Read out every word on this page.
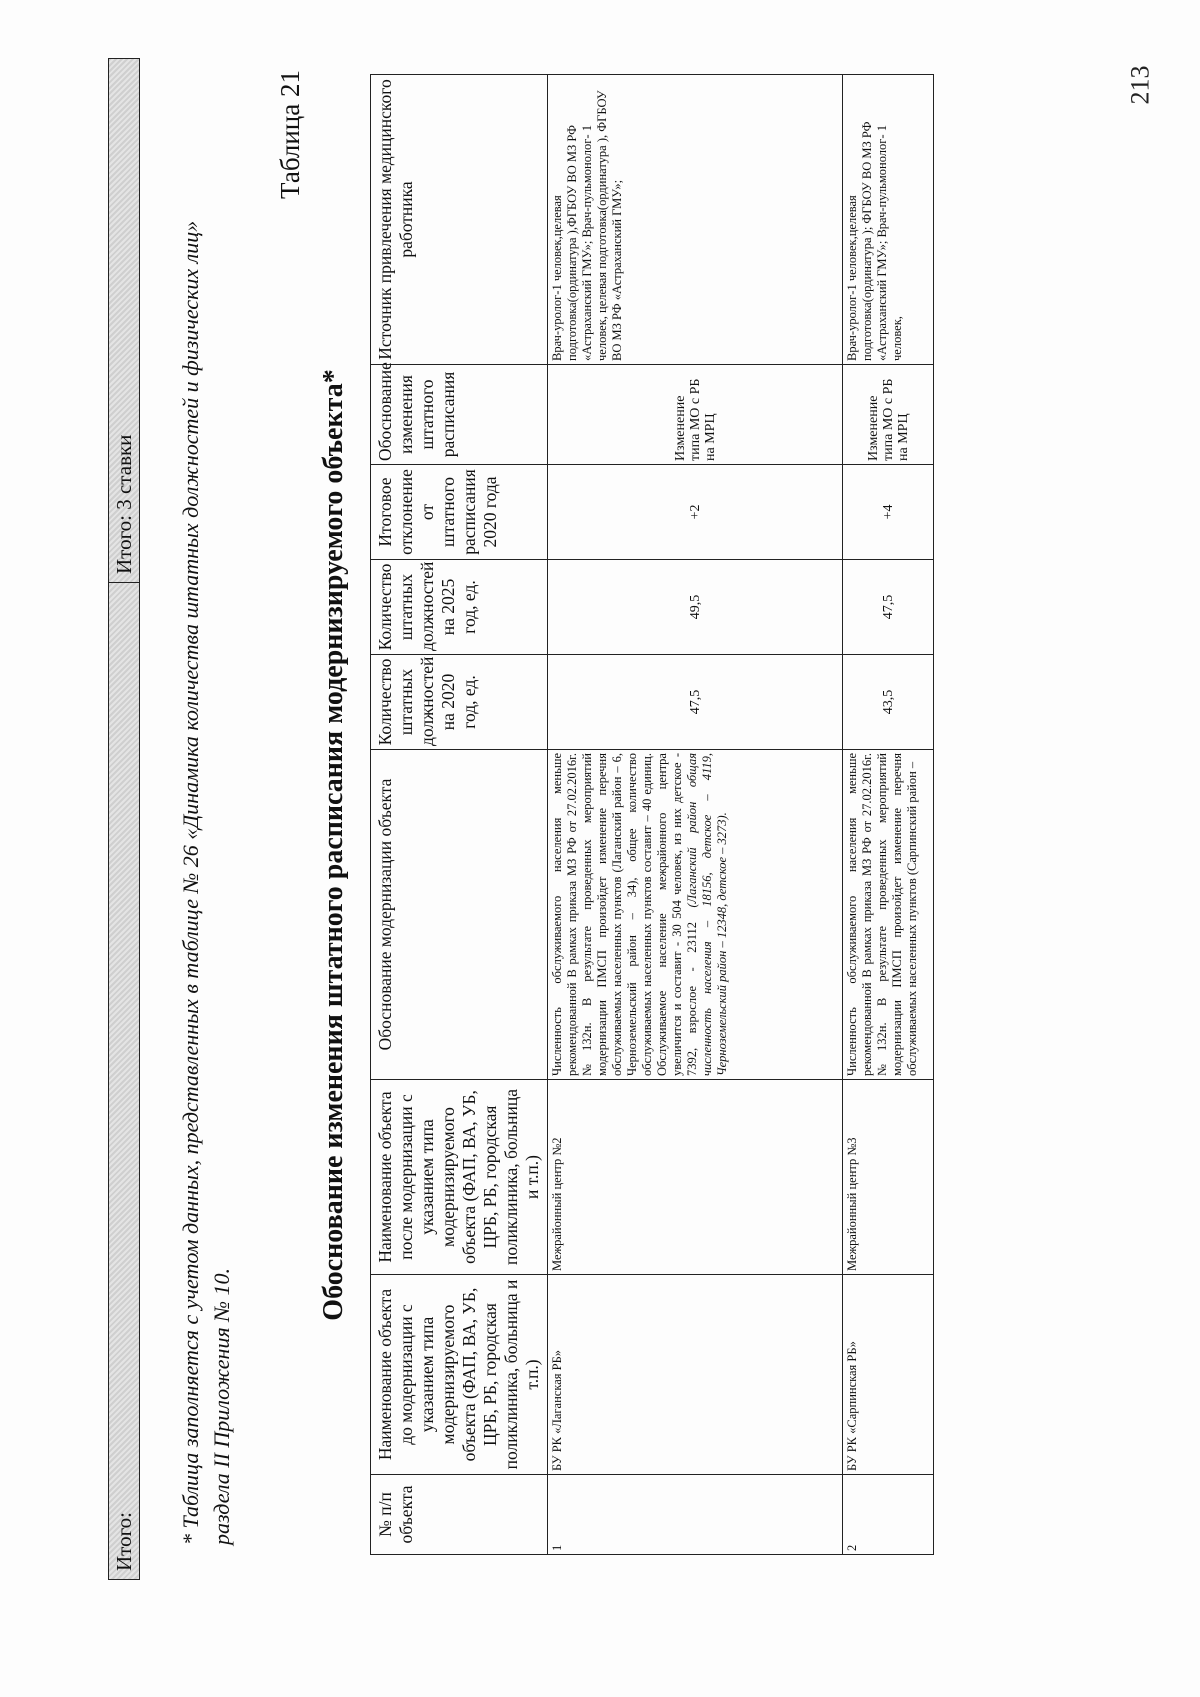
213
Итого:
Итого: 3 ставки * Таблица заполняется с учетом данных, представленных в таблице № 26 «Динамика количества штатных должностей и физических лиц» раздела II Приложения № 10.
Таблица 21
Обоснование изменения штатного расписания модернизируемого объекта*
№ п/п объекта	Наименование объекта до модернизации с указанием типа модернизируемого объекта (ФАП, ВА, УБ, ЦРБ, РБ, городская поликлиника, больница и т.п.)	Наименование объекта после модернизации с указанием типа модернизируемого объекта (ФАП, ВА, УБ, ЦРБ, РБ, городская поликлиника, больница и т.п.)	Обоснование модернизации объекта	Количество штатных должностей на 2020 год, ед.	Количество штатных должностей на 2025 год, ед.	Итоговое отклонение от штатного расписания 2020 года	Обоснование изменения штатного расписания	Источник привлечения медицинского работника
1	БУ РК «Лаганская РБ»	Межрайонный центр №2	Численность обслуживаемого населения меньше рекомендованной В рамках приказа МЗ РФ от 27.02.2016г. №132н. В результате проведенных мероприятий модернизации ПМСП произойдет изменение перечня обслуживаемых населенных пунктов (Лаганский район – 6, Черноземельский район – 34), общее количество обслуживаемых населенных пунктов составит – 40 единиц. Обслуживаемое население межрайонного центра увеличится и составит - 30 504 человек, из них детское - 7392, взрослое - 23112 (Лаганский район общая численность населения – 18156, детское – 4119, Черноземельский район – 12348, детское – 3273).	47,5	49,5	+2	Изменение типа МО с РБ на МРЦ	Врач-уролог-1 человек,целевая подготовка(ординатура ),ФГБОУ ВО МЗ РФ «Астраханский ГМУ»; Врач-пульмонолог- 1 человек, целевая подготовка(ординатура ), ФГБОУ ВО МЗ РФ «Астраханский ГМУ»;
2	БУ РК «Сарпинская РБ»	Межрайонный центр №3	Численность обслуживаемого населения меньше рекомендованной В рамках приказа МЗ РФ от 27.02.2016г. №132н. В результате проведенных мероприятий модернизации ПМСП произойдет изменение перечня обслуживаемых населенных пунктов (Сарпинский район –	43,5	47,5	+4	Изменение типа МО с РБ на МРЦ	Врач-уролог-1 человек,целевая подготовка(ординатура ); ФГБОУ ВО МЗ РФ «Астраханский ГМУ»; Врач-пульмонолог- 1 человек,
